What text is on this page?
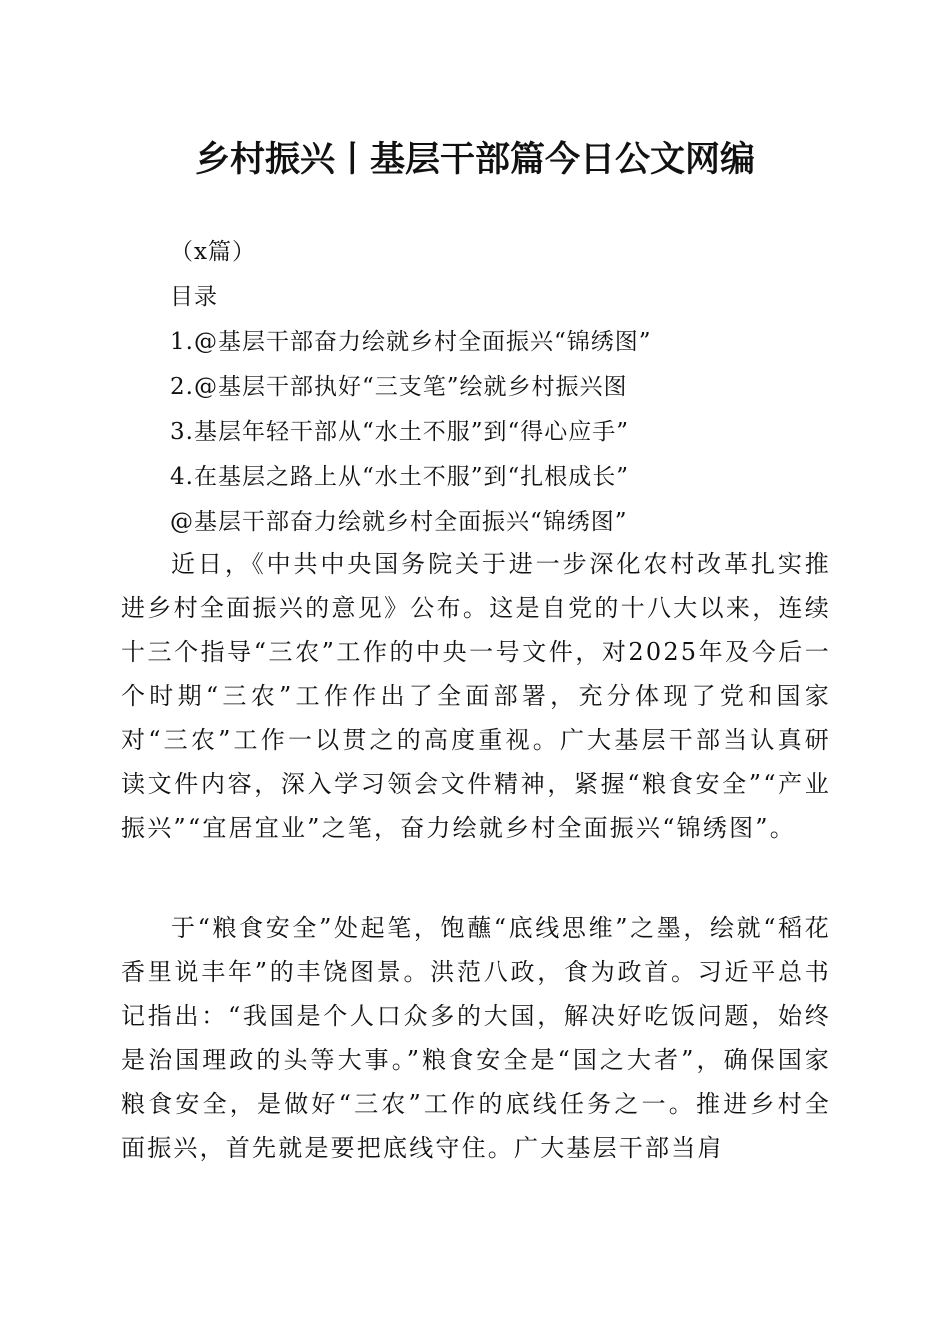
乡村振兴丨基层干部篇今日公文网编
（x篇）
目录
1.@基层干部奋力绘就乡村全面振兴“锦绣图”
2.@基层干部执好“三支笔”绘就乡村振兴图
3.基层年轻干部从“水土不服”到“得心应手”
4.在基层之路上从“水土不服”到“扎根成长”
@基层干部奋力绘就乡村全面振兴“锦绣图”
近日，《中共中央国务院关于进一步深化农村改革扎实推进乡村全面振兴的意见》公布。这是自党的十八大以来，连续十三个指导“三农”工作的中央一号文件，对2025年及今后一个时期“三农”工作作出了全面部署，充分体现了党和国家对“三农”工作一以贯之的高度重视。广大基层干部当认真研读文件内容，深入学习领会文件精神，紧握“粮食安全”“产业振兴”“宜居宜业”之笔，奋力绘就乡村全面振兴“锦绣图”。
于“粮食安全”处起笔，饱蘸“底线思维”之墨，绘就“稻花香里说丰年”的丰饶图景。洪范八政，食为政首。习近平总书记指出：“我国是个人口众多的大国，解决好吃饭问题，始终是治国理政的头等大事。”粮食安全是“国之大者”，确保国家粮食安全，是做好“三农”工作的底线任务之一。推进乡村全面振兴，首先就是要把底线守住。广大基层干部当肩
